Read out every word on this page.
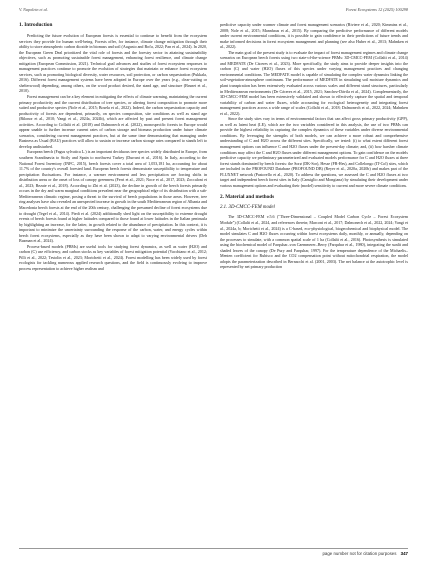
V. Napoletn et al.	Forest Ecosystems 12 (2025) 100298
1. Introduction

Predicting the future evolution of European forests is essential to continue to benefit from the ecosystem services they provide for human well-being. Forests offer, for instance, climate change mitigation through their ability to store atmospheric carbon dioxide in biomass and soil (Augusto and Boča, 2022; Pan et al., 2024). In 2020, the European Green Deal prioritized the vital role of forests and the forestry sector in attaining sustainability objectives, such as promoting sustainable forest management, enhancing forest resilience, and climate change mitigation (European Commission, 2021). Technical goal advances and studies of forest ecosystem responses to management practices continue to promote the evolution of strategies that maintain or enhance forest ecosystem services, such as promoting biological diversity, water resources, soil protection, or carbon sequestration (Pukkala, 2016). Different forest management systems have been adopted in Europe over the years (e.g., clear-cutting or shelterwood) depending, among others, on the wood product desired, the stand age, and structure (Brunet et al., 2010).

Forest management can be a key element in mitigating the effects of climate warming, maintaining the current primary productivity and the current distribution of tree species, or altering forest composition to promote more suited and productive species (Nole et al., 2015; Bosela et al., 2022). Indeed, the carbon sequestration capacity and productivity of forests are dependent, primarily, on species composition, site conditions as well as stand age (Bilonor et al., 2010; Vangi et al., 2024a, 2024b), which are affected by past and present forest management activities. According to Collalti et al. (2018) and Dalmonech et al. (2022), monospecific forests in Europe would appear unable to further increase current rates of carbon storage and biomass production under future climate scenarios, considering current management practices, but at the same time demonstrating that managing under Business as Usual (BAU) practices will allow to sustain or increase carbon storage rates compared to stands left to develop undisturbed.

European beech (Fagus sylvatica L.) is an important deciduous tree species widely distributed in Europe, from southern Scandinavia to Sicily and Spain to northwest Turkey (Durrant et al., 2016). In Italy, according to the National Forest Inventory (INFC, 2015), beech forests cover a total area of 1,053,181 ha, accounting for about 11.7% of the country's overall forested land. European beech forests demonstrate susceptibility to temperature and precipitation fluctuations. For instance, a warmer environment and less precipitation are forcing shifts in distribution areas or the onset of loss of canopy greenness (Ferri et al., 2021; Noce et al., 2017, 2023; Zoccaloni et al., 2023; Rezaie et al., 2018). According to Zhi et al. (2023), the decline in growth of the beech forests primarily occurs in the dry and warm marginal conditions prevalent near the geographical edge of its distribution with a sub-Mediterranean climatic regime, posing a threat to the survival of beech populations in those areas. However, tree ring analyses have also revealed an unexpected increase in growth in the south Mediterranean region of Albania and Macedonia beech forests at the end of the 20th century, challenging the presumed decline of forest ecosystems due to drought (Tegel et al., 2014). Piedi et al. (2024) additionally shed light on the susceptibility to extreme drought events of beech forests found at higher latitudes compared to those found at lower latitudes in the Italian peninsula by highlighting an increase, for the latter, in growth related to the abundance of precipitation. In this context, it is important to minimize the uncertainty surrounding the response of the carbon, water, and energy cycles within beech forest ecosystems, especially as they have been shown to adapt to varying environmental drivers (Deh Buzman et al., 2024).

Process-based models (PBMs) are useful tools for studying forest dynamics, as well as water (H2O) and carbon (C) use efficiency, and carbon stocks as key variables of forest mitigation potential (Vacchiano et al., 2012; Pilli et al., 2022; Testolin et al., 2023; Morichetti et al., 2024). Forest modelling has been widely used by forest ecologists for tackling numerous applied research questions, and the field is continuously evolving to improve process representation to achieve higher realism and

predictive capacity under warmer climate and forest management scenarios (Riviere et al., 2020; Kimmins et al., 2008; Nole et al., 2015; Mannhaus et al., 2015). By comparing the predictive performance of different models under current environmental conditions, it is possible to gain confidence in their predictions of future trends and make informed decisions in forest ecosystem management and planning (see also Huber et al., 2013; Mahnken et al., 2022).

The main goal of the present study is to evaluate the impact of forest management regimes and climate change scenarios on European beech forests using two state-of-the-science PBMs: 3D-CMCC-FEM (Collalti et al., 2014) and MEDFATE (De Cáceres et al., 2023). More specifically, the study aims to provide deeper insights into the carbon (C) and water (H2O) fluxes of this species under varying management practices and changing environmental conditions. The MEDFATE model is capable of simulating the complex water dynamics linking the soil-vegetation-atmosphere continuum. The performance of MEDFATE in simulating soil moisture dynamics and plant transpiration has been extensively evaluated across various scales and different stand structures, particularly in Mediterranean environments (De Cáceres et al., 2015, 2021; Sanchez-Dávila et al., 2024). Complementarily, the 3D-CMCC-FEM model has been extensively validated and shown to effectively capture the spatial and temporal variability of carbon and water fluxes, while accounting for ecological heterogeneity and integrating forest management practices across a wide range of scales (Collalti et al., 2018; Dalmonech et al., 2022, 2024; Mahnken et al., 2022).

Since the study sites vary in terms of environmental factors that can affect gross primary productivity (GPP), as well as latent heat (LE), which are the two variables considered in this analysis, the use of two PBMs can provide the highest reliability in capturing the complex dynamics of these variables under diverse environmental conditions. By leveraging the strengths of both models, we can achieve a more robust and comprehensive understanding of C and H2O across the different sites. Specifically, we tested: (i) to what extent different forest management options can influence C and H2O fluxes under the present-day climate; and, (ii) how harsher climate conditions may affect the C and H2O fluxes under different management options. To gain confidence on the models predictive capacity we preliminary parameterized and evaluated models performance for C and H2O fluxes at three forest stands dominated by beech forests: the Sorø (DK-Sor), Hesse (FR-Hes), and Collelongo (IT-Col) sites, which are included in the PROFOUND Database (PROFOUND DB) (Reyer et al., 2020a, 2020b) and makes part of the FLUXNET network (Pastorello et al., 2020). To address the questions, we assessed the C and H2O fluxes at two target and independent beech forest sites in Italy (Cansiglio and Mongiana) by simulating their development under various management options and evaluating their (model) sensitivity to current and more severe climate conditions.

2. Material and methods
2.1. 3D-CMCC-FEM model

The 3D-CMCC-FEM v.5.6 ("Three-Dimensional – Coupled Model Carbon Cycle – Forest Ecosystem Module") (Collalti et al., 2024, and references therein; Marconi et al., 2017; Dalmonech et al., 2022, 2024; Vangi et al., 2024a, b; Morichetti et al., 2024) is a C-based, eco-physiological, biogeochemical and biophysical model. The model simulates C and H2O fluxes occurring within forest ecosystems daily, monthly, or annually, depending on the processes to simulate, with a common spatial scale of 1 ha (Collalti et al., 2016). Photosynthesis is simulated using the biochemical model of Farquhar–von Caemmerer–Berry (Farquhar et al., 1980), integrating the sunlit and shaded leaves of the canopy (De Pury and Farquhar, 1997). For the temperature dependence of the Michaelis–Menten coefficient for Rubisco and the CO2 compensation point without mitochondrial respiration, the model adopts the parameterization described in Bernacchi et al. (2001, 2003). The net balance at the autotrophic level is represented by net primary production

page number not for citation purposes 347
